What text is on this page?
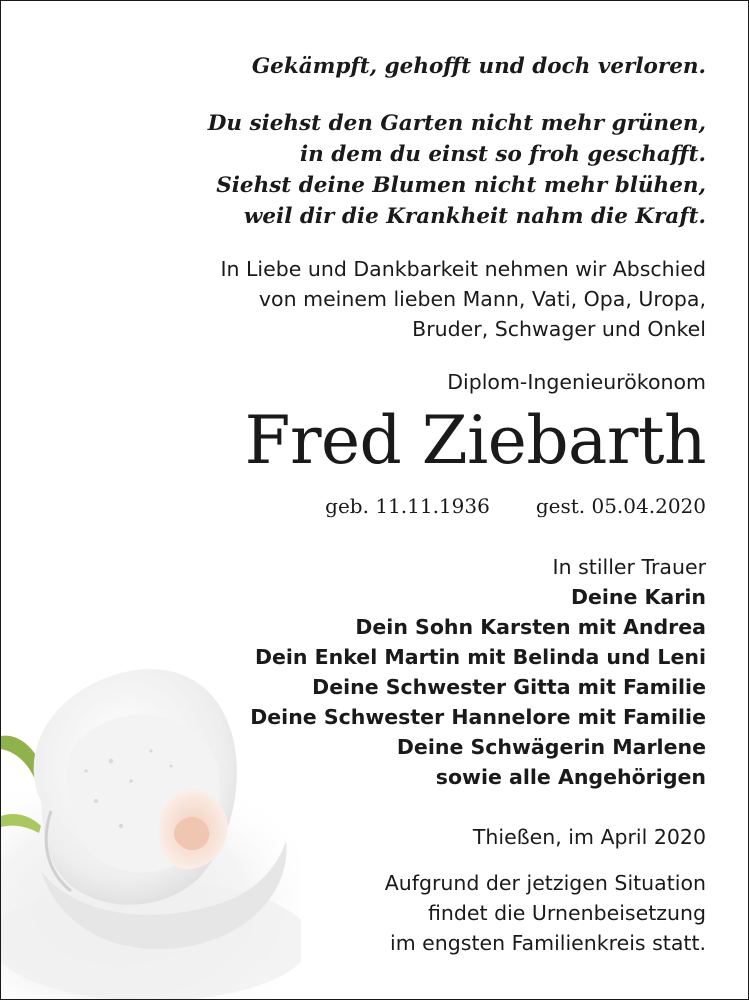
Gekämpft, gehofft und doch verloren.
Du siehst den Garten nicht mehr grünen,
in dem du einst so froh geschafft.
Siehst deine Blumen nicht mehr blühen,
weil dir die Krankheit nahm die Kraft.
In Liebe und Dankbarkeit nehmen wir Abschied
von meinem lieben Mann, Vati, Opa, Uropa,
Bruder, Schwager und Onkel
Diplom-Ingenieurökonom
Fred Ziebarth
geb. 11.11.1936 gest. 05.04.2020
In stiller Trauer
Deine Karin
Dein Sohn Karsten mit Andrea
Dein Enkel Martin mit Belinda und Leni
Deine Schwester Gitta mit Familie
Deine Schwester Hannelore mit Familie
Deine Schwägerin Marlene
sowie alle Angehörigen
Thießen, im April 2020
Aufgrund der jetzigen Situation
findet die Urnenbeisetzung
im engsten Familienkreis statt.
